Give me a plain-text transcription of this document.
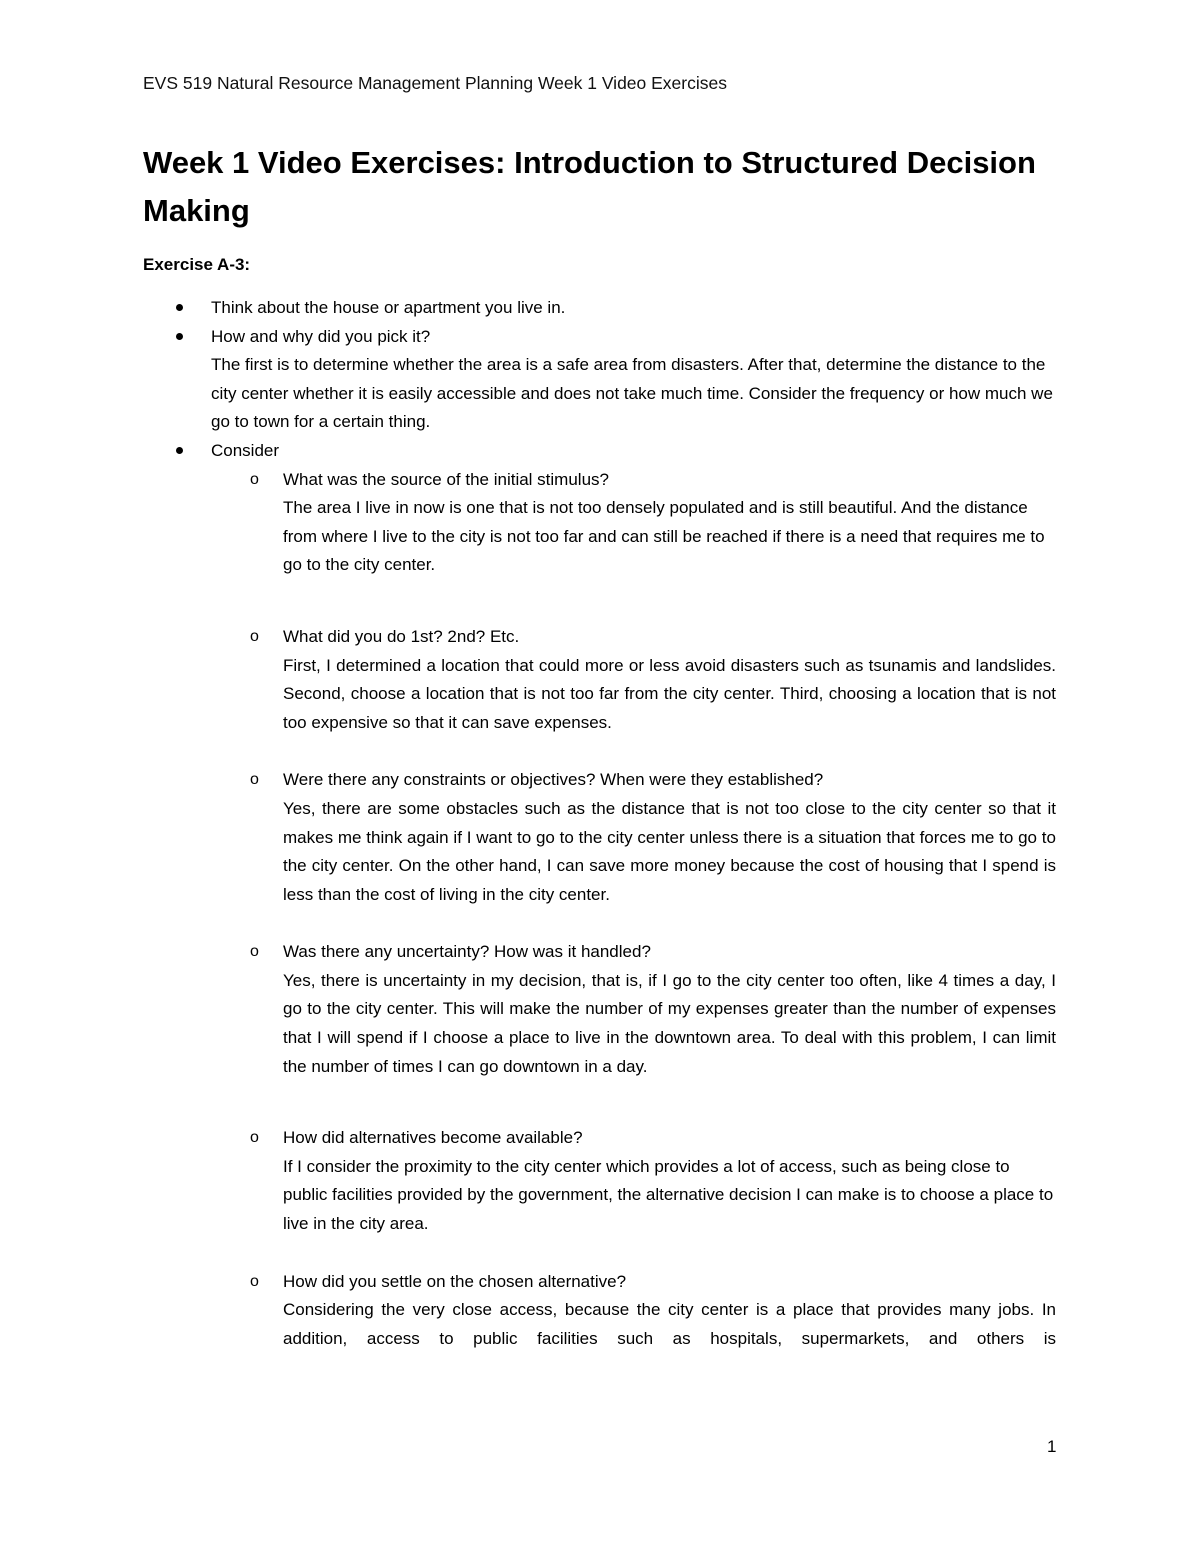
EVS 519 Natural Resource Management Planning Week 1 Video Exercises
Week 1 Video Exercises: Introduction to Structured Decision Making
Exercise A-3:
Think about the house or apartment you live in.
How and why did you pick it?
The first is to determine whether the area is a safe area from disasters. After that, determine the distance to the city center whether it is easily accessible and does not take much time. Consider the frequency or how much we go to town for a certain thing.
Consider
o What was the source of the initial stimulus?
The area I live in now is one that is not too densely populated and is still beautiful. And the distance from where I live to the city is not too far and can still be reached if there is a need that requires me to go to the city center.
o What did you do 1st? 2nd? Etc.
First, I determined a location that could more or less avoid disasters such as tsunamis and landslides. Second, choose a location that is not too far from the city center. Third, choosing a location that is not too expensive so that it can save expenses.
o Were there any constraints or objectives? When were they established?
Yes, there are some obstacles such as the distance that is not too close to the city center so that it makes me think again if I want to go to the city center unless there is a situation that forces me to go to the city center. On the other hand, I can save more money because the cost of housing that I spend is less than the cost of living in the city center.
o Was there any uncertainty? How was it handled?
Yes, there is uncertainty in my decision, that is, if I go to the city center too often, like 4 times a day, I go to the city center. This will make the number of my expenses greater than the number of expenses that I will spend if I choose a place to live in the downtown area. To deal with this problem, I can limit the number of times I can go downtown in a day.
o How did alternatives become available?
If I consider the proximity to the city center which provides a lot of access, such as being close to public facilities provided by the government, the alternative decision I can make is to choose a place to live in the city area.
o How did you settle on the chosen alternative?
Considering the very close access, because the city center is a place that provides many jobs. In addition, access to public facilities such as hospitals, supermarkets, and others is
1
